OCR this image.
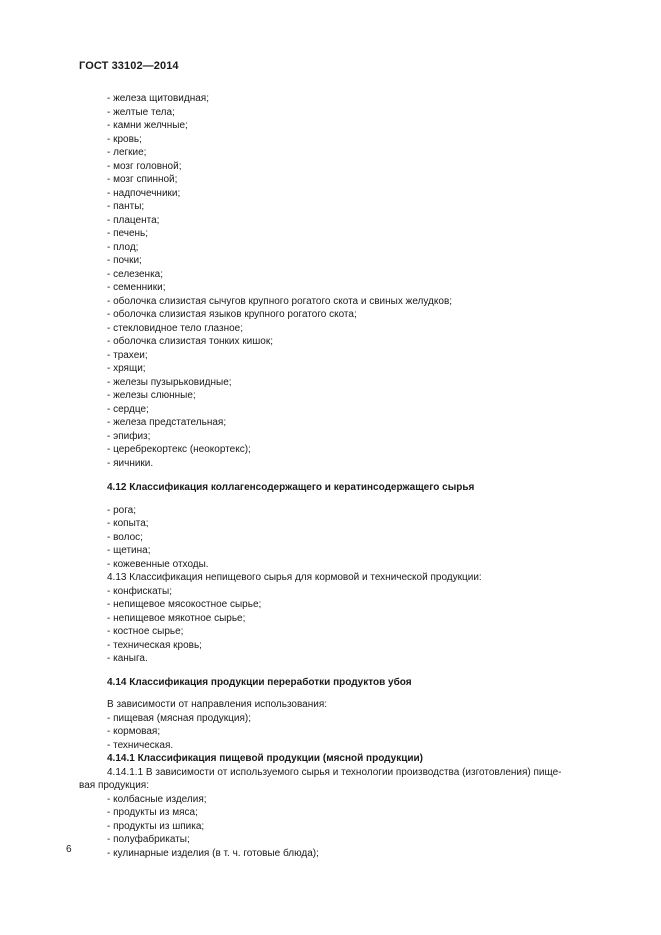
ГОСТ 33102—2014
- железа щитовидная;
- желтые тела;
- камни желчные;
- кровь;
- легкие;
- мозг головной;
- мозг спинной;
- надпочечники;
- панты;
- плацента;
- печень;
- плод;
- почки;
- селезенка;
- семенники;
- оболочка слизистая сычугов крупного рогатого скота и свиных желудков;
- оболочка слизистая языков крупного рогатого скота;
- стекловидное тело глазное;
- оболочка слизистая тонких кишок;
- трахеи;
- хрящи;
- железы пузырьковидные;
- железы слюнные;
- сердце;
- железа предстательная;
- эпифиз;
- церебрекортекс (неокортекс);
- яичники.
4.12 Классификация коллагенсодержащего и кератинсодержащего сырья
- рога;
- копыта;
- волос;
- щетина;
- кожевенные отходы.
4.13 Классификация непищевого сырья для кормовой и технической продукции:
- конфискаты;
- непищевое мясокостное сырье;
- непищевое мякотное сырье;
- костное сырье;
- техническая кровь;
- каныга.
4.14 Классификация продукции переработки продуктов убоя
В зависимости от направления использования:
- пищевая (мясная продукция);
- кормовая;
- техническая.
4.14.1 Классификация пищевой продукции (мясной продукции)
4.14.1.1 В зависимости от используемого сырья и технологии производства (изготовления) пище-
вая продукция:
- колбасные изделия;
- продукты из мяса;
- продукты из шпика;
- полуфабрикаты;
- кулинарные изделия (в т. ч. готовые блюда);
6
